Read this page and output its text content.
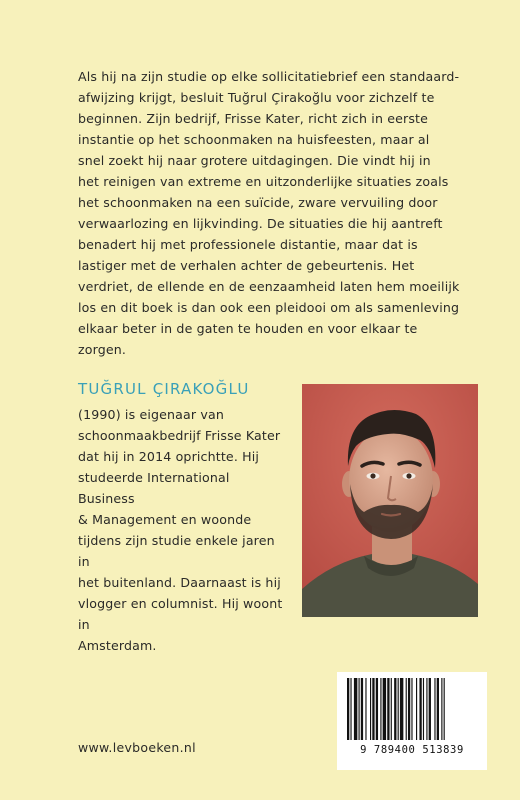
Als hij na zijn studie op elke sollicitatiebrief een standaard-
afwijzing krijgt, besluit Tuğrul Çirakoğlu voor zichzelf te
beginnen. Zijn bedrijf, Frisse Kater, richt zich in eerste
instantie op het schoonmaken na huisfeesten, maar al
snel zoekt hij naar grotere uitdagingen. Die vindt hij in
het reinigen van extreme en uitzonderlijke situaties zoals
het schoonmaken na een suïcide, zware vervuiling door
verwaarlozing en lijkvinding. De situaties die hij aantreft
benadert hij met professionele distantie, maar dat is
lastiger met de verhalen achter de gebeurtenis. Het
verdriet, de ellende en de eenzaamheid laten hem moeilijk
los en dit boek is dan ook een pleidooi om als samenleving
elkaar beter in de gaten te houden en voor elkaar te
zorgen.
TUĞRUL ÇIRAKOĞLU
(1990) is eigenaar van
schoonmaakbedrijf Frisse Kater
dat hij in 2014 oprichtte. Hij
studeerde International Business
& Management en woonde
tijdens zijn studie enkele jaren in
het buitenland. Daarnaast is hij
vlogger en columnist. Hij woont in
Amsterdam.
www.levboeken.nl	9 789400 513839
